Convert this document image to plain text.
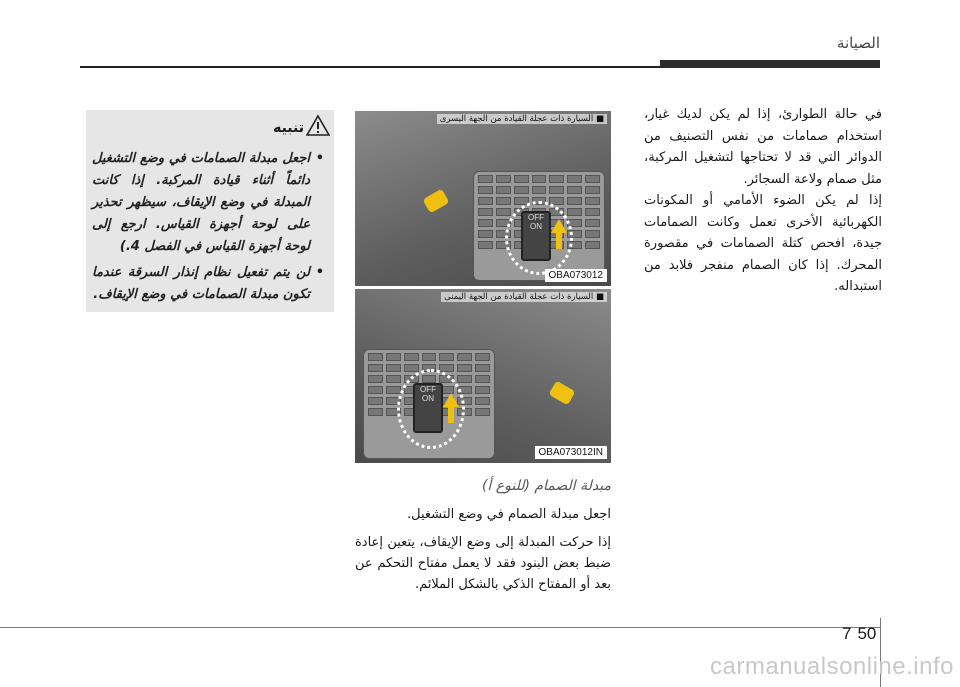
الصيانة

في حالة الطوارئ، إذا لم يكن لديك غيار، استخدام صمامات من نفس التصنيف من الدوائر التي قد لا تحتاجها لتشغيل المركبة، مثل صمام ولاعة السجائر.

إذا لم يكن الضوء الأمامي أو المكونات الكهربائية الأخرى تعمل وكانت الصمامات جيدة، افحص كتلة الصمامات في مقصورة المحرك. إذا كان الصمام منفجر فلابد من استبداله.

OFF ON
■ السيارة ذات عجلة القيادة من الجهة اليسرى
OBA073012
OFF ON
■ السيارة ذات عجلة القيادة من الجهة اليمنى
OBA073012IN
مبدلة الصمام (للنوع أ)

اجعل مبدلة الصمام في وضع التشغيل.

إذا حركت المبدلة إلى وضع الإيقاف، يتعين إعادة ضبط بعض البنود فقد لا يعمل مفتاح التحكم عن بعد أو المفتاح الذكي بالشكل الملائم.

تنبيه
• اجعل مبدلة الصمامات في وضع التشغيل دائماً أثناء قيادة المركبة. إذا كانت المبدلة في وضع الإيقاف، سيظهر تحذير على لوحة أجهزة القياس. ارجع إلى لوحة أجهزة القياس في الفصل 4.)
• لن يتم تفعيل نظام إنذار السرقة عندما تكون مبدلة الصمامات في وضع الإيقاف.
7 50
carmanualsonline.info
